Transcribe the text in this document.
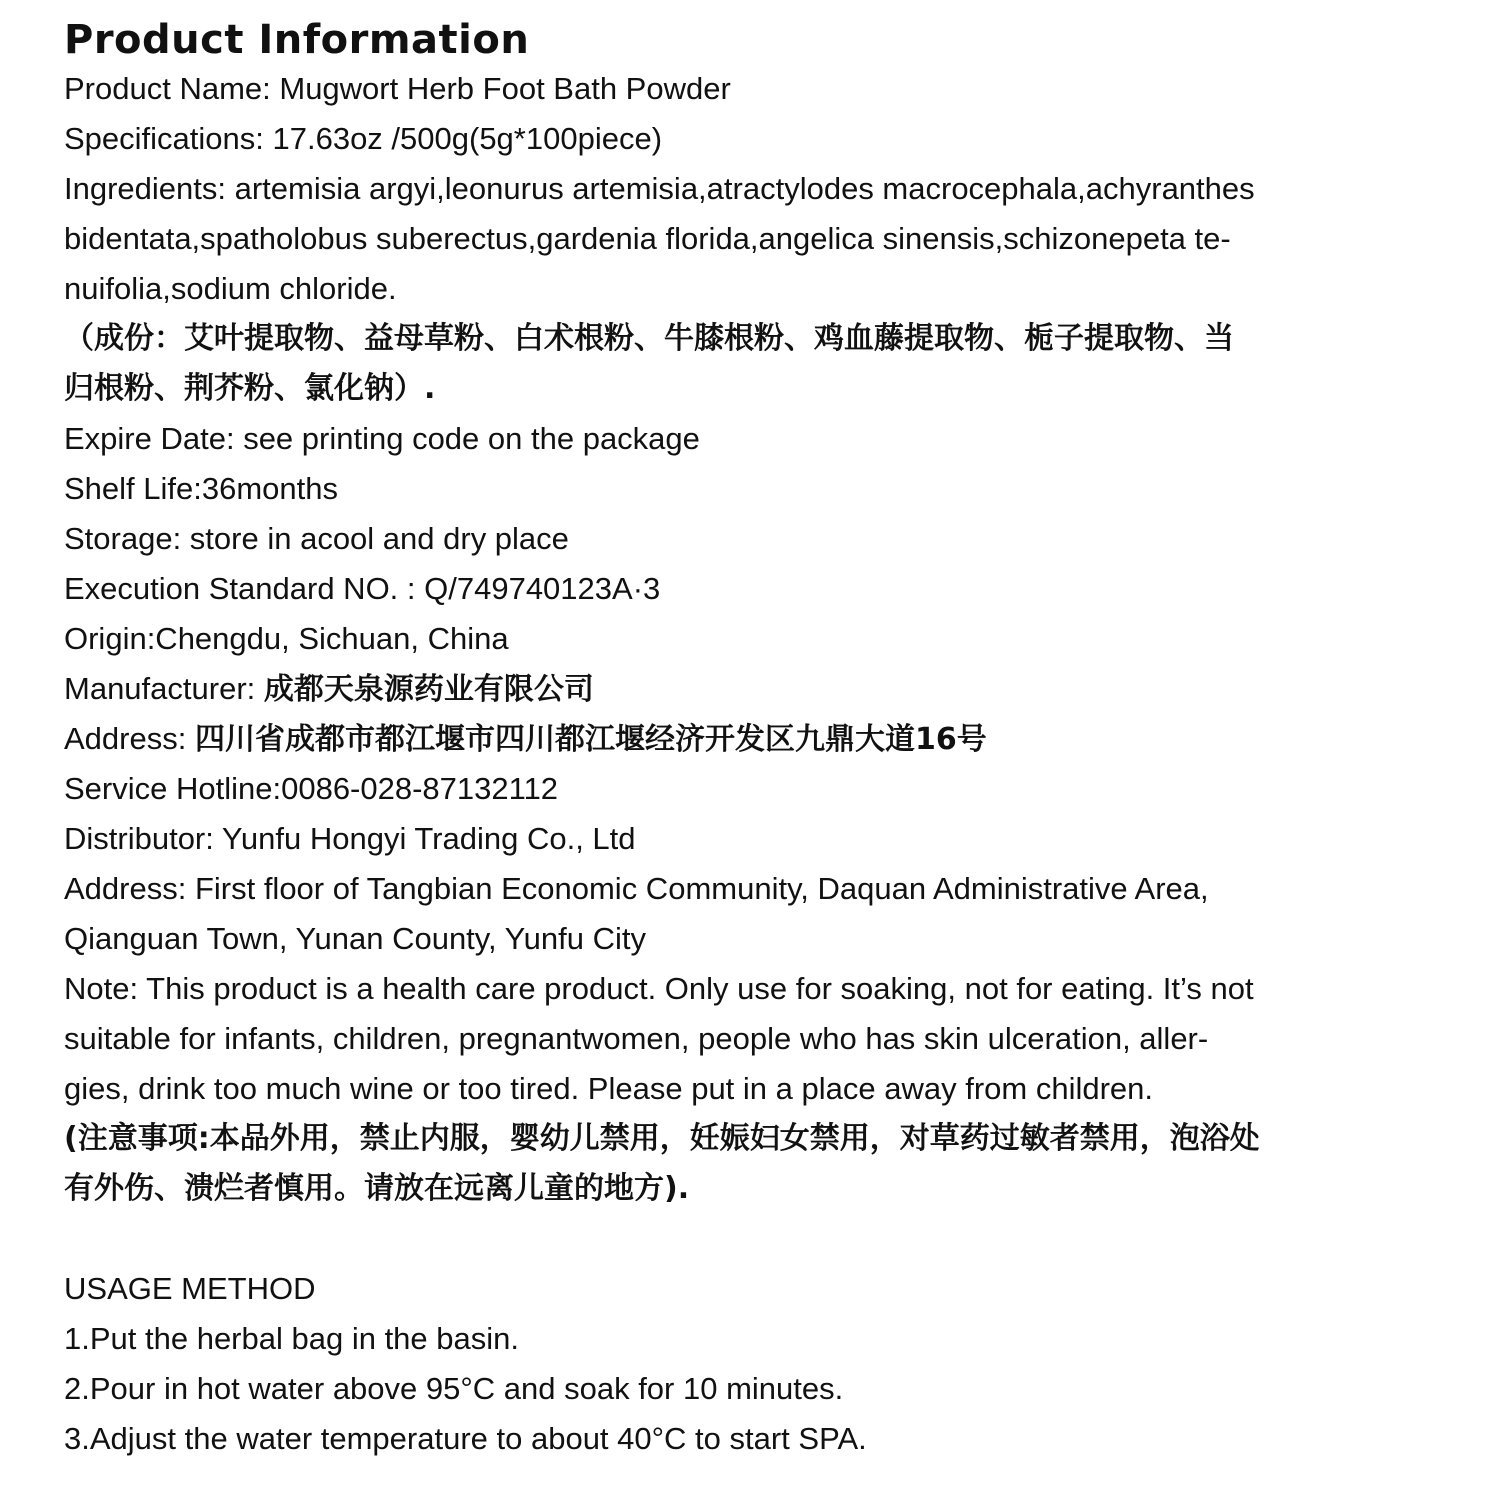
Product Information
Product Name: Mugwort Herb Foot Bath Powder
Specifications: 17.63oz /500g(5g*100piece)
Ingredients: artemisia argyi,leonurus artemisia,atractylodes macrocephala,achyranthes
bidentata,spatholobus suberectus,gardenia florida,angelica sinensis,schizonepeta te-
nuifolia,sodium chloride.
（成份：艾叶提取物、益母草粉、白术根粉、牛膝根粉、鸡血藤提取物、栀子提取物、当
归根粉、荆芥粉、氯化钠）.
Expire Date: see printing code on the package
Shelf Life:36months
Storage: store in acool and dry place
Execution Standard NO. : Q/749740123A·3
Origin:Chengdu, Sichuan, China
Manufacturer: 成都天泉源药业有限公司
Address: 四川省成都市都江堰市四川都江堰经济开发区九鼎大道16号
Service Hotline:0086-028-87132112
Distributor: Yunfu Hongyi Trading Co., Ltd
Address: First floor of Tangbian Economic Community, Daquan Administrative Area,
Qianguan Town, Yunan County, Yunfu City
Note: This product is a health care product. Only use for soaking, not for eating. It’s not
suitable for infants, children, pregnantwomen, people who has skin ulceration, aller-
gies, drink too much wine or too tired. Please put in a place away from children.
(注意事项:本品外用，禁止内服，婴幼儿禁用，妊娠妇女禁用，对草药过敏者禁用，泡浴处
有外伤、溃烂者慎用。请放在远离儿童的地方).
USAGE METHOD
1.Put the herbal bag in the basin.
2.Pour in hot water above 95°C and soak for 10 minutes.
3.Adjust the water temperature to about 40°C to start SPA.
